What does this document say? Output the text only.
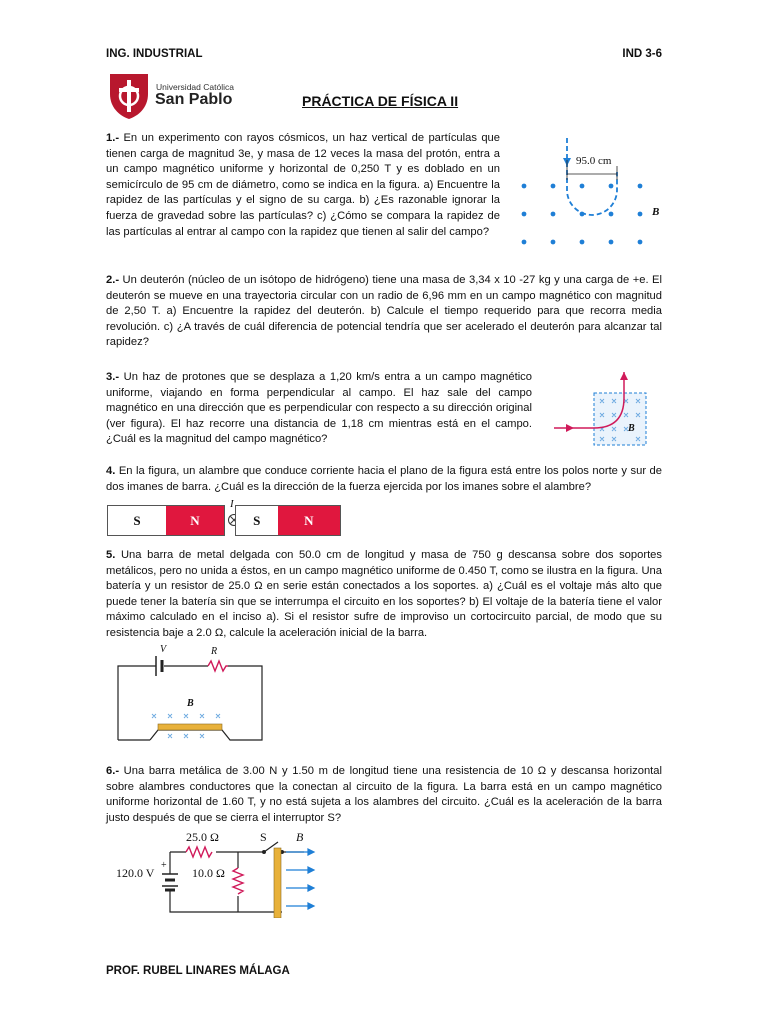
ING. INDUSTRIAL	IND 3-6
Universidad Católica
San Pablo	PRÁCTICA DE FÍSICA II
1.- En un experimento con rayos cósmicos, un haz vertical de partículas que tienen carga de magnitud 3e, y masa de 12 veces la masa del protón, entra a un campo magnético uniforme y horizontal de 0,250 T y es doblado en un semicírculo de 95 cm de diámetro, como se indica en la figura. a) Encuentre la rapidez de las partículas y el signo de su carga. b) ¿Es razonable ignorar la fuerza de gravedad sobre las partículas? c) ¿Cómo se compara la rapidez de las partículas al entrar al campo con la rapidez que tienen al salir del campo?
95.0 cm
B
2.- Un deuterón (núcleo de un isótopo de hidrógeno) tiene una masa de 3,34 x 10 -27 kg y una carga de +e. El deuterón se mueve en una trayectoria circular con un radio de 6,96 mm en un campo magnético con magnitud de 2,50 T. a) Encuentre la rapidez del deuterón. b) Calcule el tiempo requerido para que recorra media revolución. c) ¿A través de cuál diferencia de potencial tendría que ser acelerado el deuterón para alcanzar tal rapidez?
3.- Un haz de protones que se desplaza a 1,20 km/s entra a un campo magnético uniforme, viajando en forma perpendicular al campo. El haz sale del campo magnético en una dirección que es perpendicular con respecto a su dirección original (ver figura). El haz recorre una distancia de 1,18 cm mientras está en el campo. ¿Cuál es la magnitud del campo magnético?
B
4. En la figura, un alambre que conduce corriente hacia el plano de la figura está entre los polos norte y sur de dos imanes de barra. ¿Cuál es la dirección de la fuerza ejercida por los imanes sobre el alambre?
S	N
I
S	N
5. Una barra de metal delgada con 50.0 cm de longitud y masa de 750 g descansa sobre dos soportes metálicos, pero no unida a éstos, en un campo magnético uniforme de 0.450 T, como se ilustra en la figura. Una batería y un resistor de 25.0 Ω en serie están conectados a los soportes. a) ¿Cuál es el voltaje más alto que puede tener la batería sin que se interrumpa el circuito en los soportes? b) El voltaje de la batería tiene el valor máximo calculado en el inciso a). Si el resistor sufre de improviso un cortocircuito parcial, de modo que su resistencia baje a 2.0 Ω, calcule la aceleración inicial de la barra.
V	R
B
6.- Una barra metálica de 3.00 N y 1.50 m de longitud tiene una resistencia de 10 Ω y descansa horizontal sobre alambres conductores que la conectan al circuito de la figura. La barra está en un campo magnético uniforme horizontal de 1.60 T, y no está sujeta a los alambres del circuito. ¿Cuál es la aceleración de la barra justo después de que se cierra el interruptor S?
25.0 Ω
10.0 Ω
120.0 V
+
S B
PROF. RUBEL LINARES MÁLAGA
